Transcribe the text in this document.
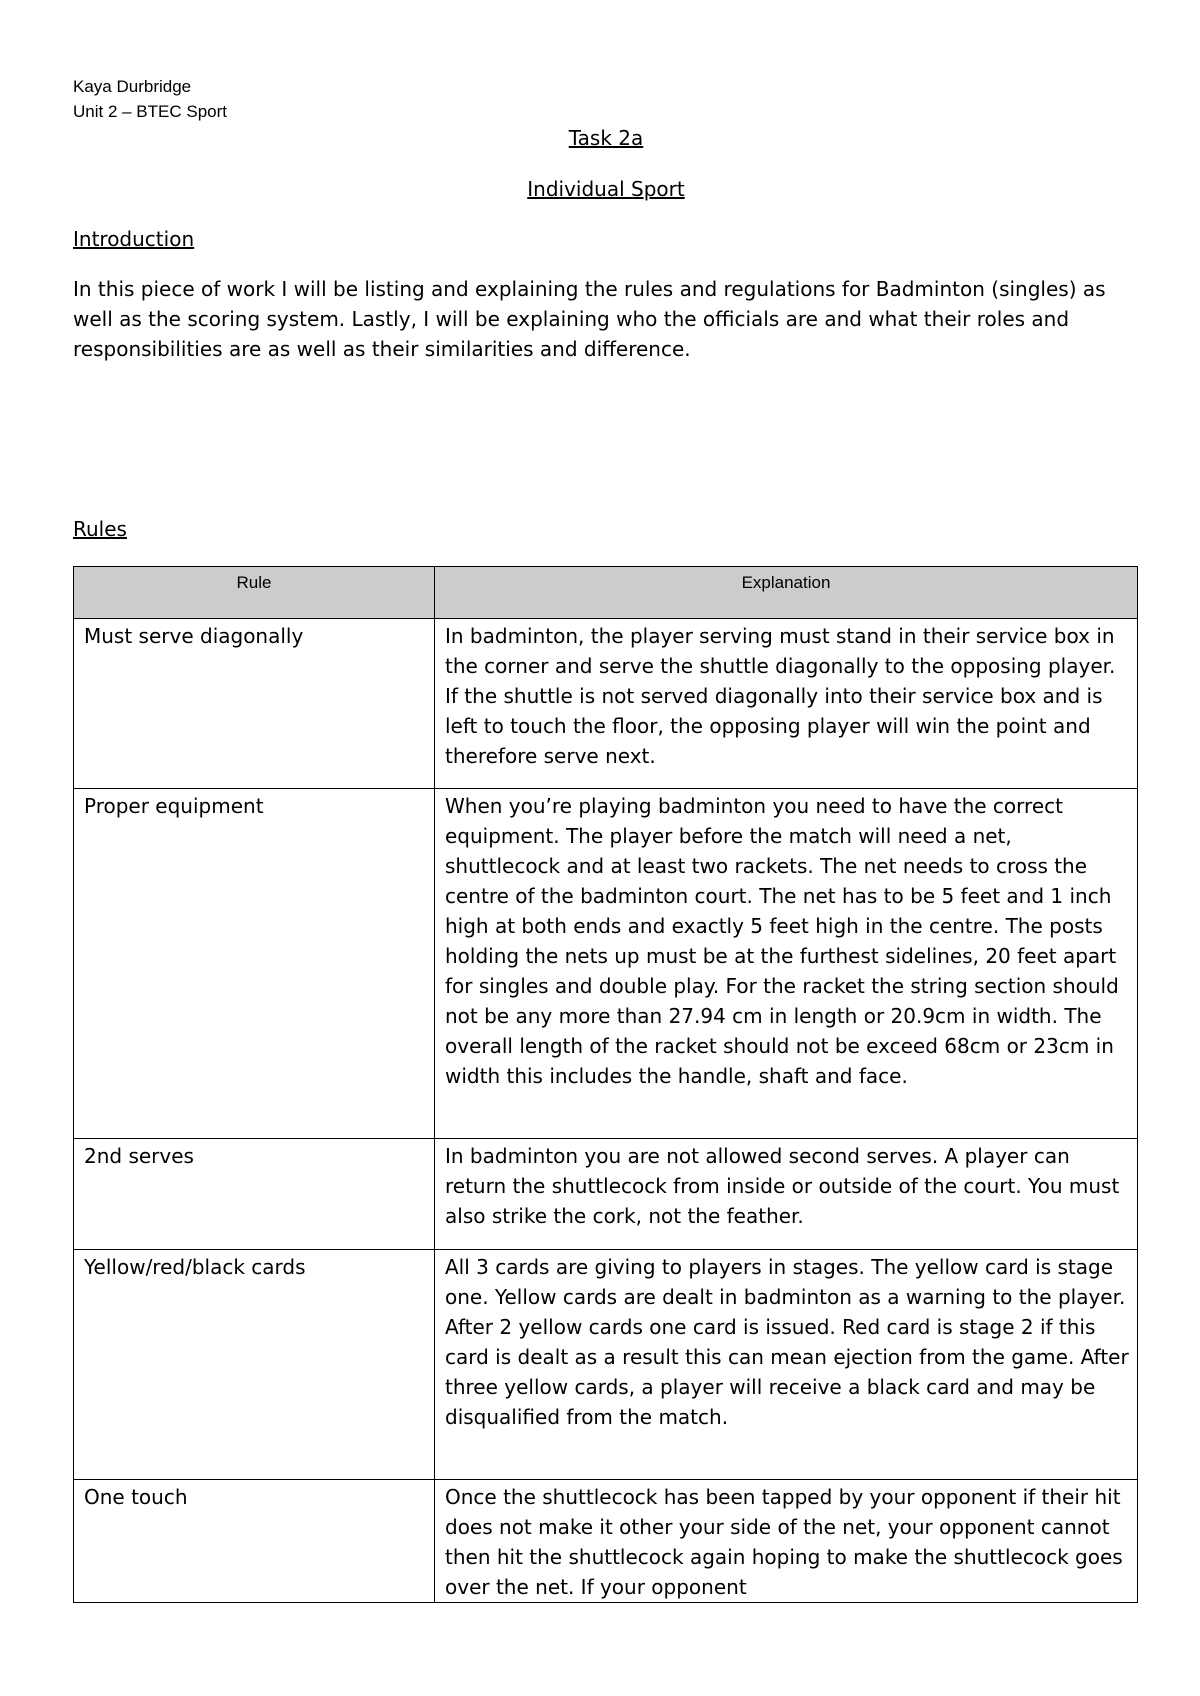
Kaya Durbridge
Unit 2 – BTEC Sport
Task 2a
Individual Sport
Introduction

In this piece of work I will be listing and explaining the rules and regulations for Badminton (singles) as well as the scoring system. Lastly, I will be explaining who the officials are and what their roles and responsibilities are as well as their similarities and difference.

Rules
Rule	Explanation
Must serve diagonally	In badminton, the player serving must stand in their service box in the corner and serve the shuttle diagonally to the opposing player. If the shuttle is not served diagonally into their service box and is left to touch the floor, the opposing player will win the point and therefore serve next.
Proper equipment	When you’re playing badminton you need to have the correct equipment. The player before the match will need a net, shuttlecock and at least two rackets. The net needs to cross the centre of the badminton court. The net has to be 5 feet and 1 inch high at both ends and exactly 5 feet high in the centre. The posts holding the nets up must be at the furthest sidelines, 20 feet apart for singles and double play. For the racket the string section should not be any more than 27.94 cm in length or 20.9cm in width. The overall length of the racket should not be exceed 68cm or 23cm in width this includes the handle, shaft and face.
2nd serves	In badminton you are not allowed second serves. A player can return the shuttlecock from inside or outside of the court. You must also strike the cork, not the feather.
Yellow/red/black cards	All 3 cards are giving to players in stages. The yellow card is stage one. Yellow cards are dealt in badminton as a warning to the player. After 2 yellow cards one card is issued. Red card is stage 2 if this card is dealt as a result this can mean ejection from the game. After three yellow cards, a player will receive a black card and may be disqualified from the match.
One touch	Once the shuttlecock has been tapped by your opponent if their hit does not make it other your side of the net, your opponent cannot then hit the shuttlecock again hoping to make the shuttlecock goes over the net. If your opponent
